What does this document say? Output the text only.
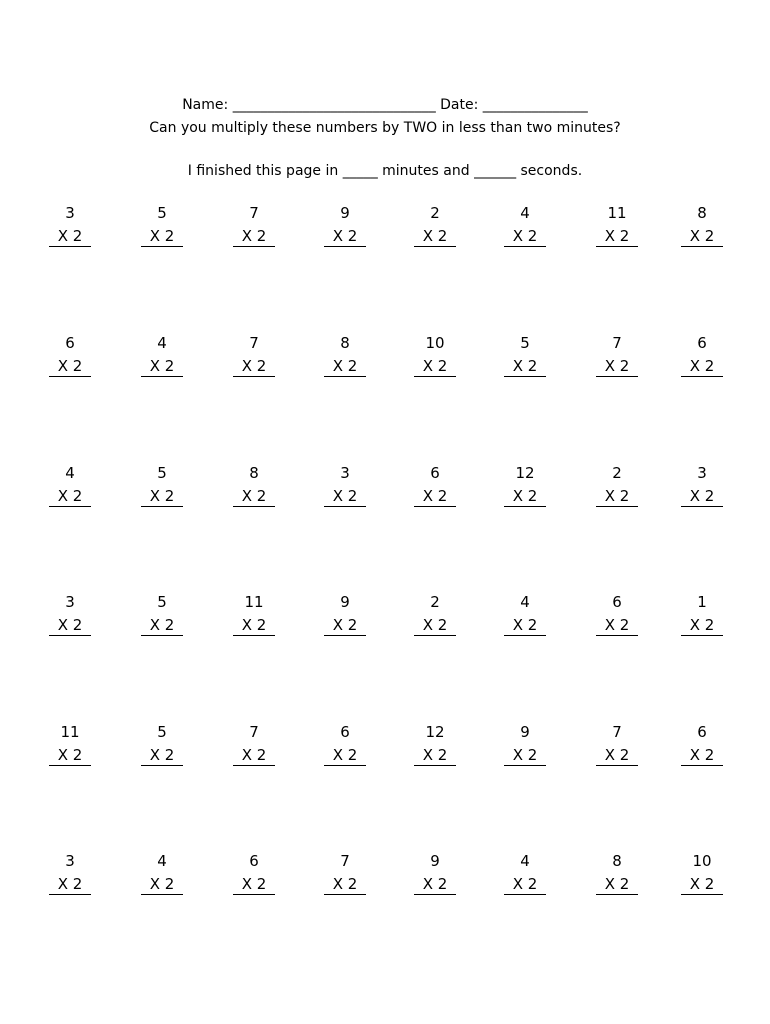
Name: _____________________________ Date: _______________
Can you multiply these numbers by TWO in less than two minutes?
I finished this page in _____ minutes and ______ seconds.
3
X 2
5
X 2
7
X 2
9
X 2
2
X 2
4
X 2
11
X 2
8
X 2
6
X 2
4
X 2
7
X 2
8
X 2
10
X 2
5
X 2
7
X 2
6
X 2
4
X 2
5
X 2
8
X 2
3
X 2
6
X 2
12
X 2
2
X 2
3
X 2
3
X 2
5
X 2
11
X 2
9
X 2
2
X 2
4
X 2
6
X 2
1
X 2
11
X 2
5
X 2
7
X 2
6
X 2
12
X 2
9
X 2
7
X 2
6
X 2
3
X 2
4
X 2
6
X 2
7
X 2
9
X 2
4
X 2
8
X 2
10
X 2
